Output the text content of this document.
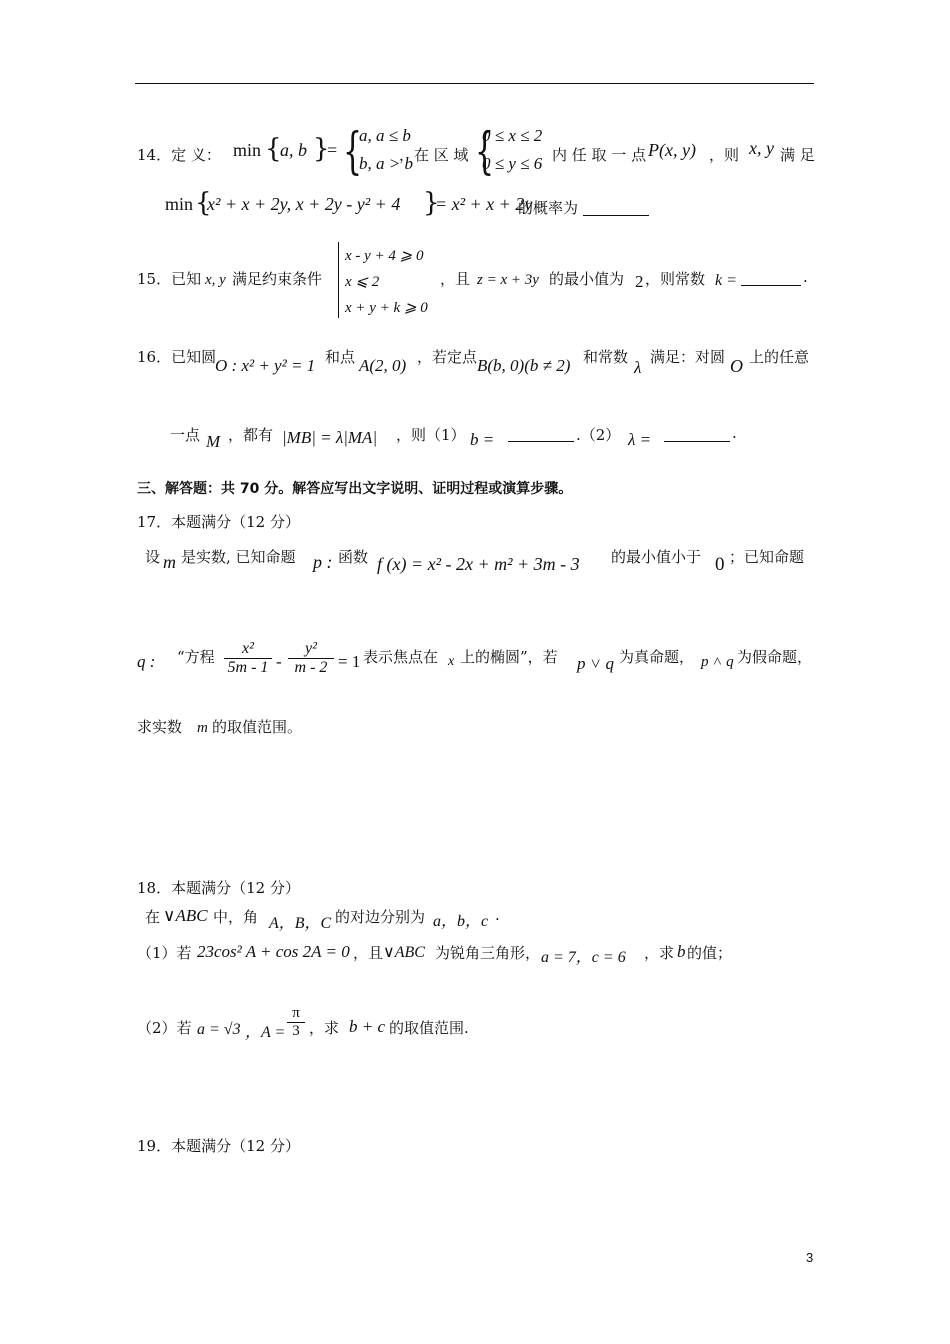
14．定 义： min {
a, b }
= {
a, a ≤ b
b, a > b
，在 区 域 {
0 ≤ x ≤ 2
0 ≤ y ≤ 6 内 任 取 一 点 P(x, y) ，则 x, y 满 足
min {
x² + x + 2y, x + 2y - y² + 4 }
= x² + x + 2y
的概率为
15．已知 x, y 满足约束条件
x - y + 4 ⩾ 0
x ⩽ 2
x + y + k ⩾ 0
，且 z = x + 3y 的最小值为 2 ，则常数 k =	.
16．已知圆
O : x² + y² = 1 和点 A(2, 0) ，若定点 B(b, 0)(b ≠ 2) 和常数
λ
满足：对圆 O 上的任意
一点 M ，都有 |MB| = λ|MA| ，则（1） b =	.（2） λ =	.
三、解答题：共 70 分。解答应写出文字说明、证明过程或演算步骤。
17．本题满分（12 分）
设 m 是实数, 已知命题 p : 函数 f (x) = x² - 2x + m² + 3m - 3 的最小值小于 0 ；已知命题
q : “方程 $\frac{\text{x²}}{5m - 1} - \frac{\text{y²}}{m - 2} = 1$ 表示焦点在 x 上的椭圆”，若 p ˅ q 为真命题， p ˄ q 为假命题，
求实数 m 的取值范围。
18．本题满分（12 分）
在 ∨ABC 中，角 A，B，C 的对边分别为 a，b，c .
（1）若 23cos² A + cos 2A = 0 ，且 ∨ABC 为锐角三角形， a = 7，c = 6 ，求 b 的值；
（2）若 a = √3 ，$A = \frac{\pi}{3}$ ，求 b + c 的取值范围.
19．本题满分（12 分）
3
